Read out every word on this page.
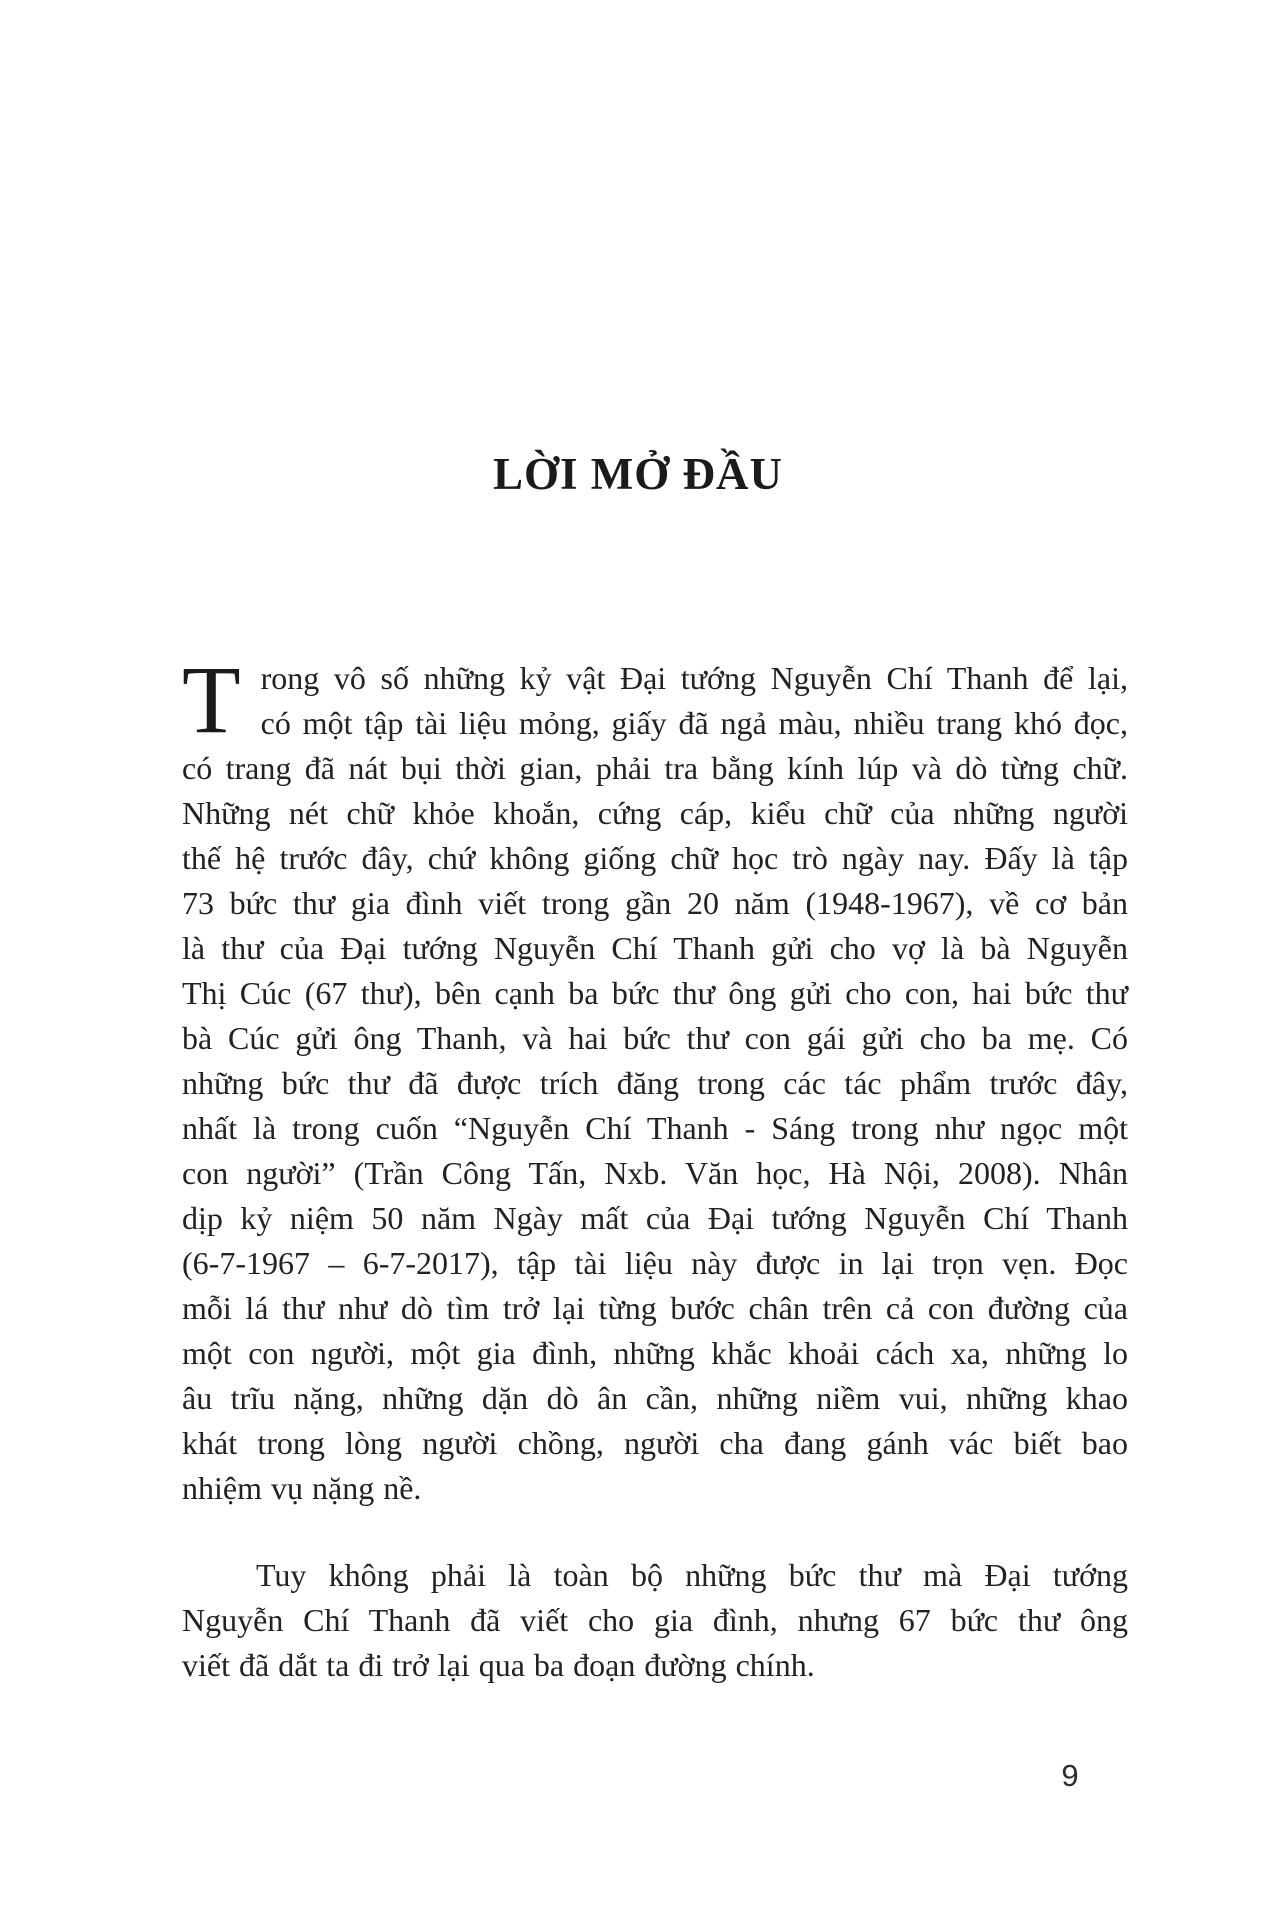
LỜI MỞ ĐẦU
T rong vô số những kỷ vật Đại tướng Nguyễn Chí Thanh để lại,
có một tập tài liệu mỏng, giấy đã ngả màu, nhiều trang khó đọc,
có trang đã nát bụi thời gian, phải tra bằng kính lúp và dò từng chữ.
Những nét chữ khỏe khoắn, cứng cáp, kiểu chữ của những người
thế hệ trước đây, chứ không giống chữ học trò ngày nay. Đấy là tập
73 bức thư gia đình viết trong gần 20 năm (1948-1967), về cơ bản
là thư của Đại tướng Nguyễn Chí Thanh gửi cho vợ là bà Nguyễn
Thị Cúc (67 thư), bên cạnh ba bức thư ông gửi cho con, hai bức thư
bà Cúc gửi ông Thanh, và hai bức thư con gái gửi cho ba mẹ. Có
những bức thư đã được trích đăng trong các tác phẩm trước đây,
nhất là trong cuốn “Nguyễn Chí Thanh - Sáng trong như ngọc một
con người” (Trần Công Tấn, Nxb. Văn học, Hà Nội, 2008). Nhân
dịp kỷ niệm 50 năm Ngày mất của Đại tướng Nguyễn Chí Thanh
(6-7-1967 – 6-7-2017), tập tài liệu này được in lại trọn vẹn. Đọc
mỗi lá thư như dò tìm trở lại từng bước chân trên cả con đường của
một con người, một gia đình, những khắc khoải cách xa, những lo
âu trĩu nặng, những dặn dò ân cần, những niềm vui, những khao
khát trong lòng người chồng, người cha đang gánh vác biết bao
nhiệm vụ nặng nề.
Tuy không phải là toàn bộ những bức thư mà Đại tướng
Nguyễn Chí Thanh đã viết cho gia đình, nhưng 67 bức thư ông
viết đã dắt ta đi trở lại qua ba đoạn đường chính.
9
